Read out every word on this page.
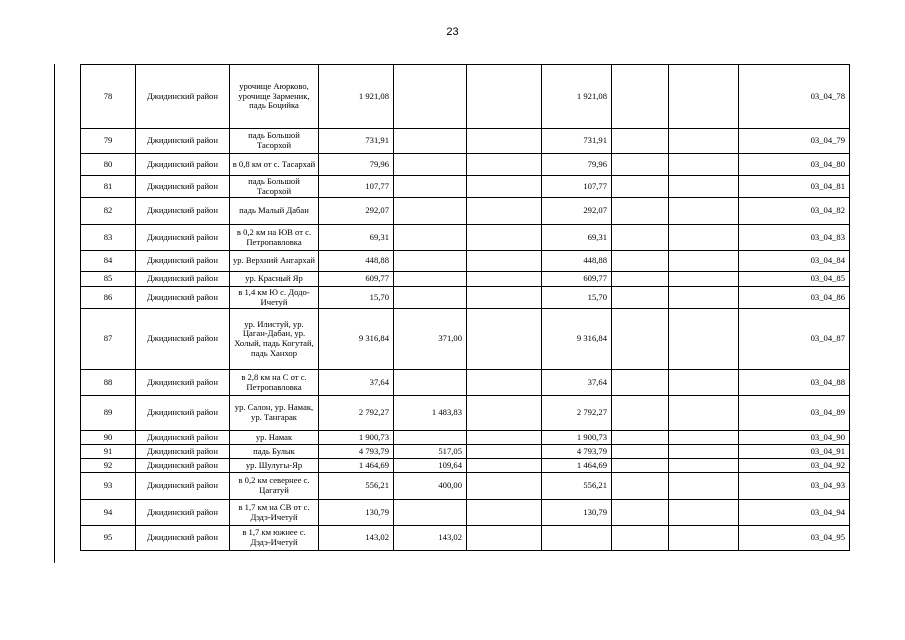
23
78	Джидинский район	урочище Аюрково, урочище Зарменик, падь Боцийка	1 921,08			1 921,08			03_04_78
79	Джидинский район	падь Большой Тасорхой	731,91			731,91			03_04_79
80	Джидинский район	в 0,8 км от с. Тасархай	79,96			79,96			03_04_80
81	Джидинский район	падь Большой Тасорхой	107,77			107,77			03_04_81
82	Джидинский район	падь Малый Дабан	292,07			292,07			03_04_82
83	Джидинский район	в 0,2 км на ЮВ от с. Петропавловка	69,31			69,31			03_04_83
84	Джидинский район	ур. Верхний Ангархай	448,88			448,88			03_04_84
85	Джидинский район	ур. Красный Яр	609,77			609,77			03_04_85
86	Джидинский район	в 1,4 км Ю с. Додо-Ичетуй	15,70			15,70			03_04_86
87	Джидинский район	ур. Илистуй, ур. Цаган-Дабан, ур. Холый, падь Когутай, падь Ханхор	9 316,84	371,00		9 316,84			03_04_87
88	Джидинский район	в 2,8 км на С от с. Петропавловка	37,64			37,64			03_04_88
89	Джидинский район	ур. Салон, ур. Намак, ур. Тангарак	2 792,27	1 483,83		2 792,27			03_04_89
90	Джидинский район	ур. Намак	1 900,73			1 900,73			03_04_90
91	Джидинский район	падь Булык	4 793,79	517,05		4 793,79			03_04_91
92	Джидинский район	ур. Шулугы-Яр	1 464,69	109,64		1 464,69			03_04_92
93	Джидинский район	в 0,2 км севернее с. Цагатуй	556,21	400,00		556,21			03_04_93
94	Джидинский район	в 1,7 км на СВ от с. Дэдэ-Ичетуй	130,79			130,79			03_04_94
95	Джидинский район	в 1,7 км южнее с. Дэдэ-Ичетуй	143,02	143,02					03_04_95
